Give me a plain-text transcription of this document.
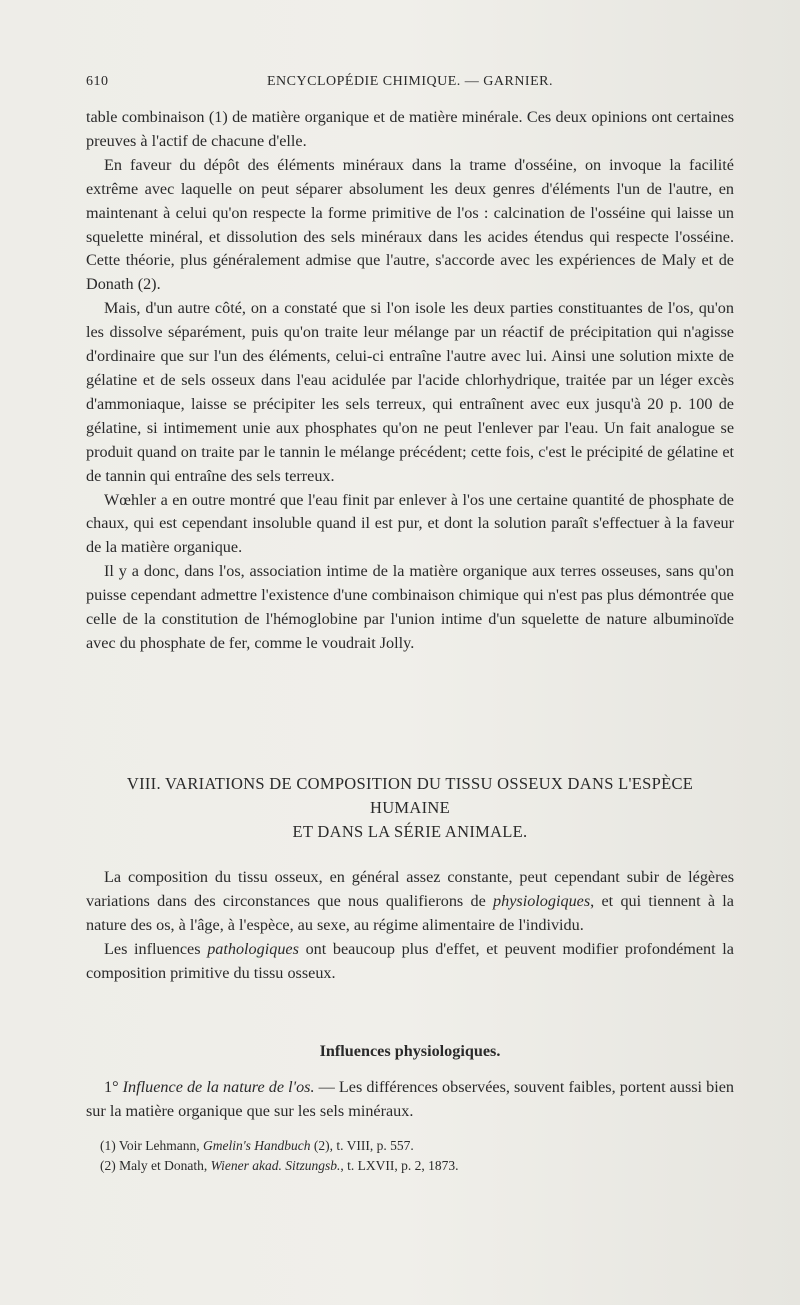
610	ENCYCLOPÉDIE CHIMIQUE. — GARNIER.

table combinaison (1) de matière organique et de matière minérale. Ces deux opinions ont certaines preuves à l'actif de chacune d'elle.

En faveur du dépôt des éléments minéraux dans la trame d'osséine, on invoque la facilité extrême avec laquelle on peut séparer absolument les deux genres d'éléments l'un de l'autre, en maintenant à celui qu'on respecte la forme primitive de l'os : calcination de l'osséine qui laisse un squelette minéral, et dissolution des sels minéraux dans les acides étendus qui respecte l'osséine. Cette théorie, plus généralement admise que l'autre, s'accorde avec les expériences de Maly et de Donath (2).

Mais, d'un autre côté, on a constaté que si l'on isole les deux parties constituantes de l'os, qu'on les dissolve séparément, puis qu'on traite leur mélange par un réactif de précipitation qui n'agisse d'ordinaire que sur l'un des éléments, celui-ci entraîne l'autre avec lui. Ainsi une solution mixte de gélatine et de sels osseux dans l'eau acidulée par l'acide chlorhydrique, traitée par un léger excès d'ammoniaque, laisse se précipiter les sels terreux, qui entraînent avec eux jusqu'à 20 p. 100 de gélatine, si intimement unie aux phosphates qu'on ne peut l'enlever par l'eau. Un fait analogue se produit quand on traite par le tannin le mélange précédent; cette fois, c'est le précipité de gélatine et de tannin qui entraîne des sels terreux.

Wœhler a en outre montré que l'eau finit par enlever à l'os une certaine quantité de phosphate de chaux, qui est cependant insoluble quand il est pur, et dont la solution paraît s'effectuer à la faveur de la matière organique.

Il y a donc, dans l'os, association intime de la matière organique aux terres osseuses, sans qu'on puisse cependant admettre l'existence d'une combinaison chimique qui n'est pas plus démontrée que celle de la constitution de l'hémoglobine par l'union intime d'un squelette de nature albuminoïde avec du phosphate de fer, comme le voudrait Jolly.

VIII. VARIATIONS DE COMPOSITION DU TISSU OSSEUX DANS L'ESPÈCE HUMAINE
ET DANS LA SÉRIE ANIMALE.

La composition du tissu osseux, en général assez constante, peut cependant subir de légères variations dans des circonstances que nous qualifierons de physiologiques, et qui tiennent à la nature des os, à l'âge, à l'espèce, au sexe, au régime alimentaire de l'individu.

Les influences pathologiques ont beaucoup plus d'effet, et peuvent modifier profondément la composition primitive du tissu osseux.

Influences physiologiques.

1° Influence de la nature de l'os. — Les différences observées, souvent faibles, portent aussi bien sur la matière organique que sur les sels minéraux.

(1) Voir Lehmann, Gmelin's Handbuch (2), t. VIII, p. 557.
(2) Maly et Donath, Wiener akad. Sitzungsb., t. LXVII, p. 2, 1873.
